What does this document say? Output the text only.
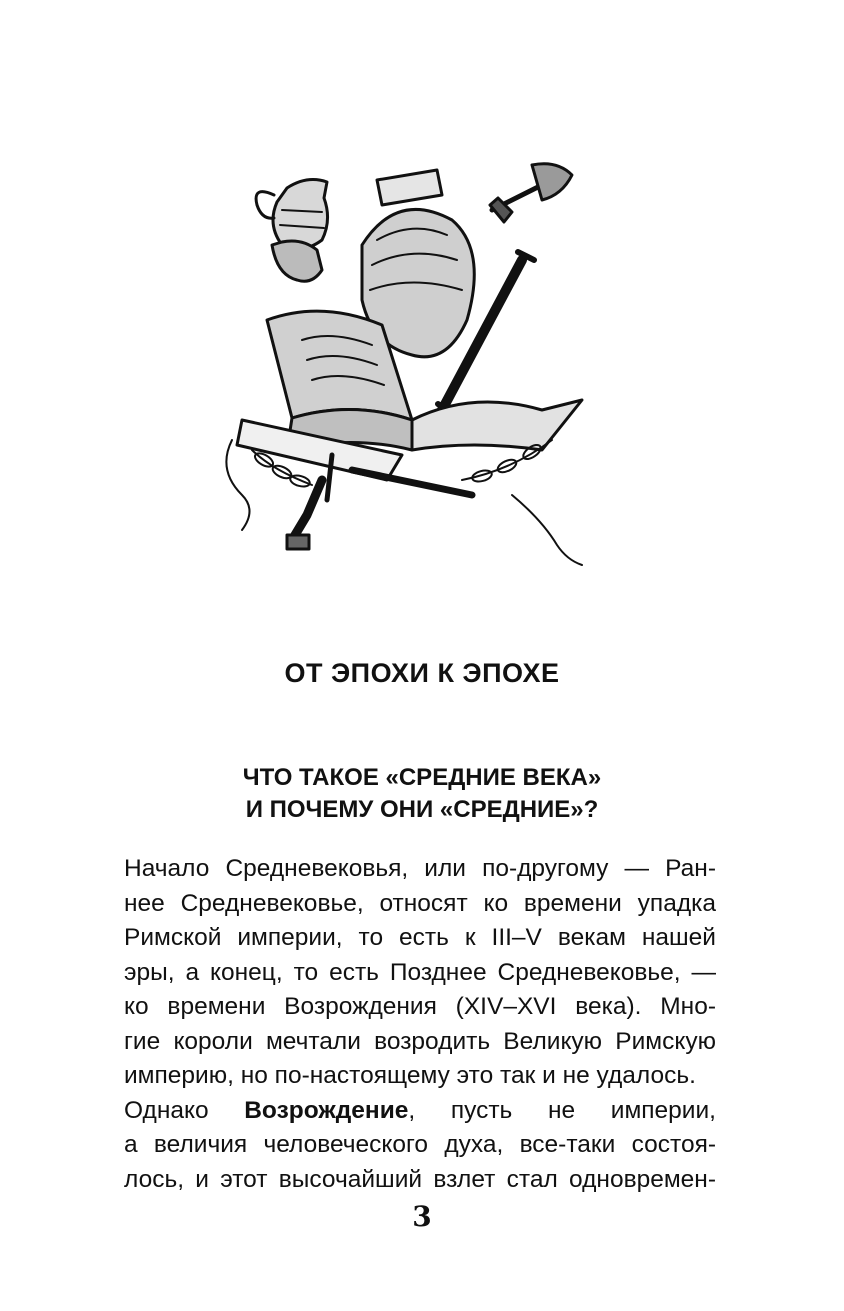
ОТ ЭПОХИ К ЭПОХЕ
ЧТО ТАКОЕ «СРЕДНИЕ ВЕКА»
И ПОЧЕМУ ОНИ «СРЕДНИЕ»?
Начало Средневековья, или по-другому — Ран-
нее Средневековье, относят ко времени упадка
Римской империи, то есть к III–V векам нашей
эры, а конец, то есть Позднее Средневековье, —
ко времени Возрождения (XIV–XVI века). Мно-
гие короли мечтали возродить Великую Римскую
империю, но по-настоящему это так и не удалось.
Однако Возрождение, пусть не империи,
а величия человеческого духа, все-таки состоя-
лось, и этот высочайший взлет стал одновремен-
3
